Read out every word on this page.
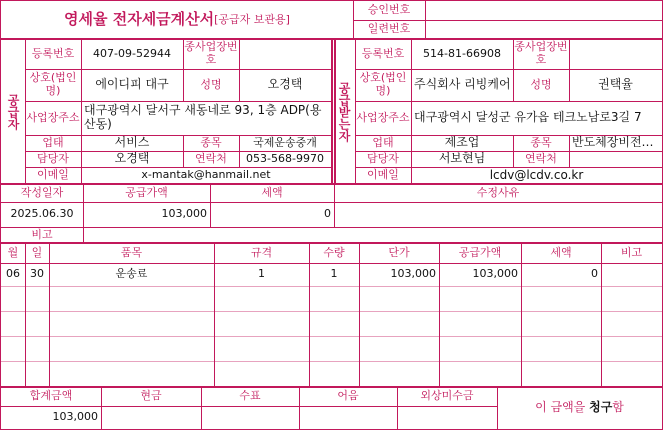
영세율 전자세금계산서 [공급자 보관용]
승인번호
일련번호
공급자
등록번호	407-09-52944	종사업장번호
상호(법인명)	에이디피 대구	성명	오경택
사업장주소 대구광역시 달서구 새동네로 93, 1층 ADP(용산동)
업태	서비스	종목	국제운송중개
담당자	오경택	연락처	053-568-9970
이메일	x-mantak@hanmail.net
공급받는자
등록번호	514-81-66908	종사업장번호
상호(법인명)	주식회사 리빙케어	성명	권택율
사업장주소 대구광역시 달성군 유가읍 테크노남로3길 7
업태	제조업	종목	반도체장비전…
담당자	서보현님	연락처
이메일	lcdv@lcdv.co.kr
작성일자	공급가액	세액	수정사유
2025.06.30	103,000	0
비고
월	일	품목	규격	수량	단가	공급가액	세액	비고
06 30	운송료	1	1	103,000	103,000	0
합계금액	현금	수표	어음	외상미수금
103,000
이 금액을
청구 함
